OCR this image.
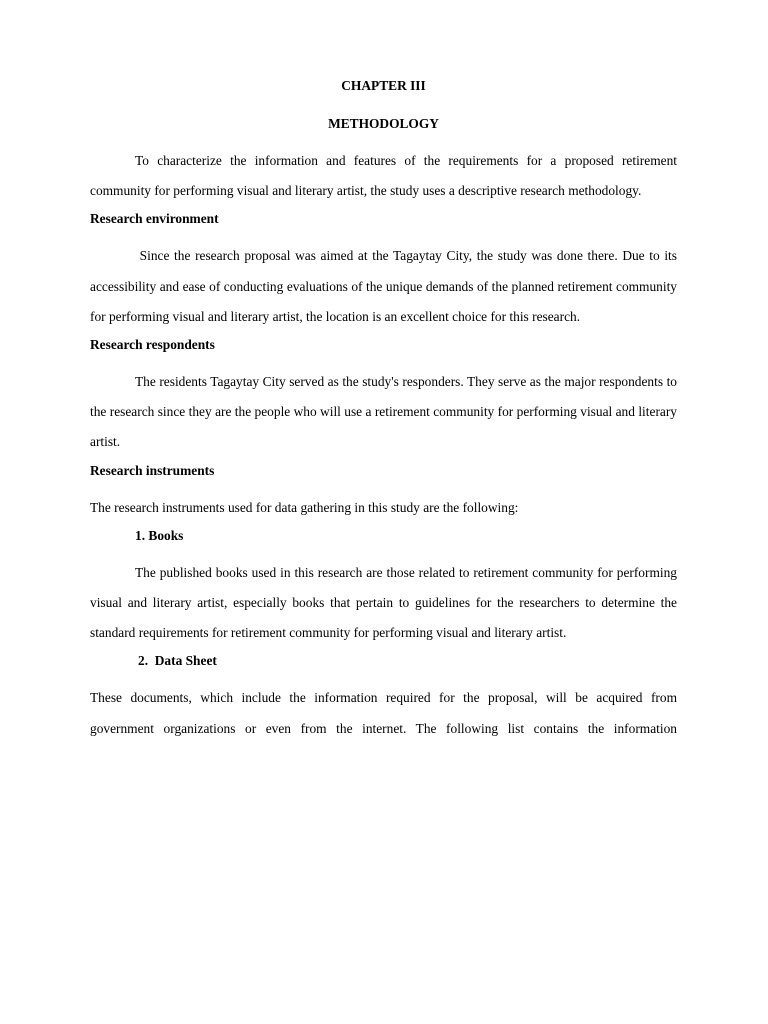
CHAPTER III

METHODOLOGY

To characterize the information and features of the requirements for a proposed retirement community for performing visual and literary artist, the study uses a descriptive research methodology.

Research environment

Since the research proposal was aimed at the Tagaytay City, the study was done there. Due to its accessibility and ease of conducting evaluations of the unique demands of the planned retirement community for performing visual and literary artist, the location is an excellent choice for this research.

Research respondents

The residents Tagaytay City served as the study's responders. They serve as the major respondents to the research since they are the people who will use a retirement community for performing visual and literary artist.

Research instruments

The research instruments used for data gathering in this study are the following:

1. Books

The published books used in this research are those related to retirement community for performing visual and literary artist, especially books that pertain to guidelines for the researchers to determine the standard requirements for retirement community for performing visual and literary artist.

2.  Data Sheet

These documents, which include the information required for the proposal, will be acquired from government organizations or even from the internet. The following list contains the information
